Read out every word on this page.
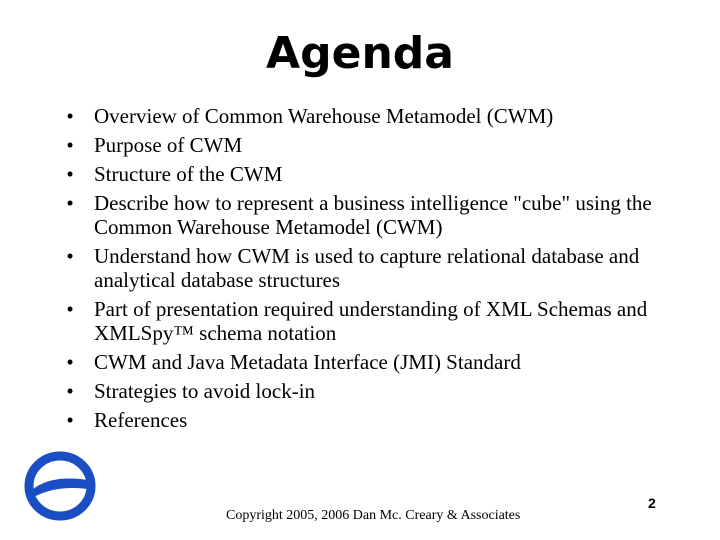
Agenda
• Overview of Common Warehouse Metamodel (CWM)
• Purpose of CWM
• Structure of the CWM
• Describe how to represent a business intelligence "cube" using the Common Warehouse Metamodel (CWM)
• Understand how CWM is used to capture relational database and analytical database structures
• Part of presentation required understanding of XML Schemas and XMLSpy™ schema notation
• CWM and Java Metadata Interface (JMI) Standard
• Strategies to avoid lock-in
• References
Copyright 2005, 2006 Dan Mc. Creary & Associates
2
